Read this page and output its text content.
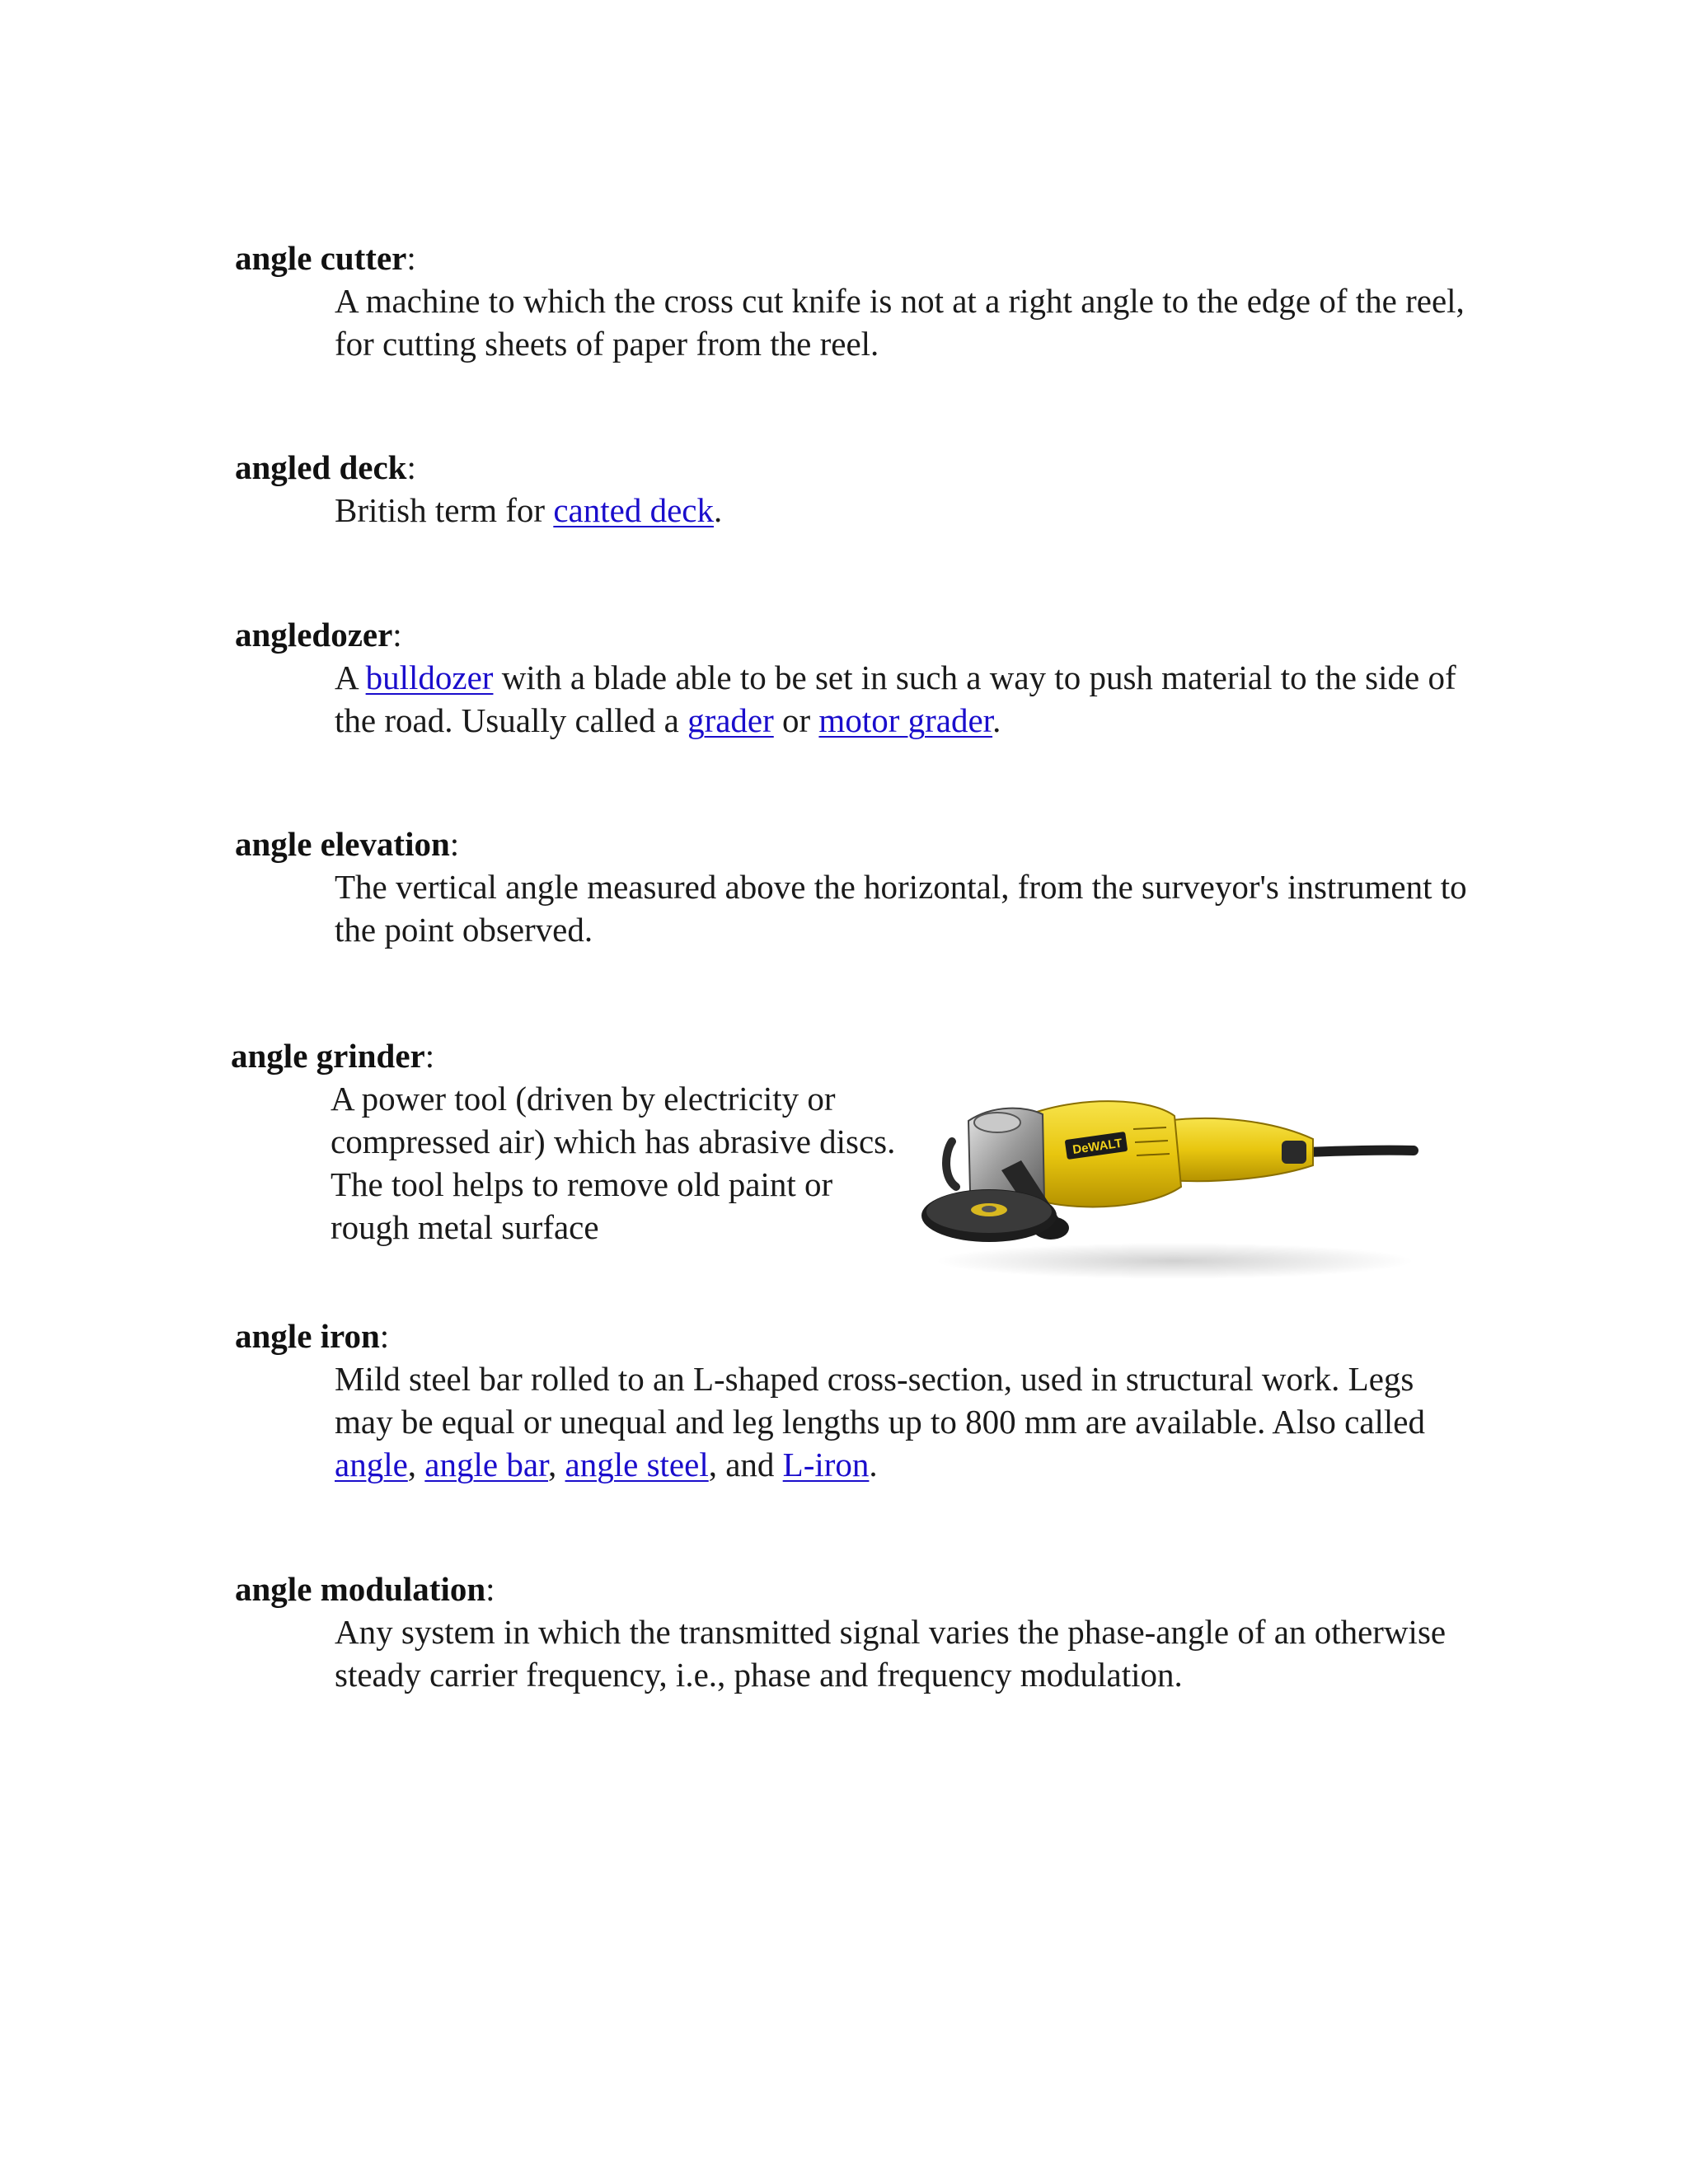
angle cutter:
A machine to which the cross cut knife is not at a right angle to the edge of the reel, for cutting sheets of paper from the reel.
angled deck:
British term for canted deck.
angledozer:
A bulldozer with a blade able to be set in such a way to push material to the side of the road. Usually called a grader or motor grader.
angle elevation:
The vertical angle measured above the horizontal, from the surveyor's instrument to the point observed.
angle grinder:
A power tool (driven by electricity or compressed air) which has abrasive discs. The tool helps to remove old paint or rough metal surface
DeWALT
angle iron:
Mild steel bar rolled to an L-shaped cross-section, used in structural work. Legs may be equal or unequal and leg lengths up to 800 mm are available. Also called angle, angle bar, angle steel, and L-iron.
angle modulation:
Any system in which the transmitted signal varies the phase-angle of an otherwise steady carrier frequency, i.e., phase and frequency modulation.
